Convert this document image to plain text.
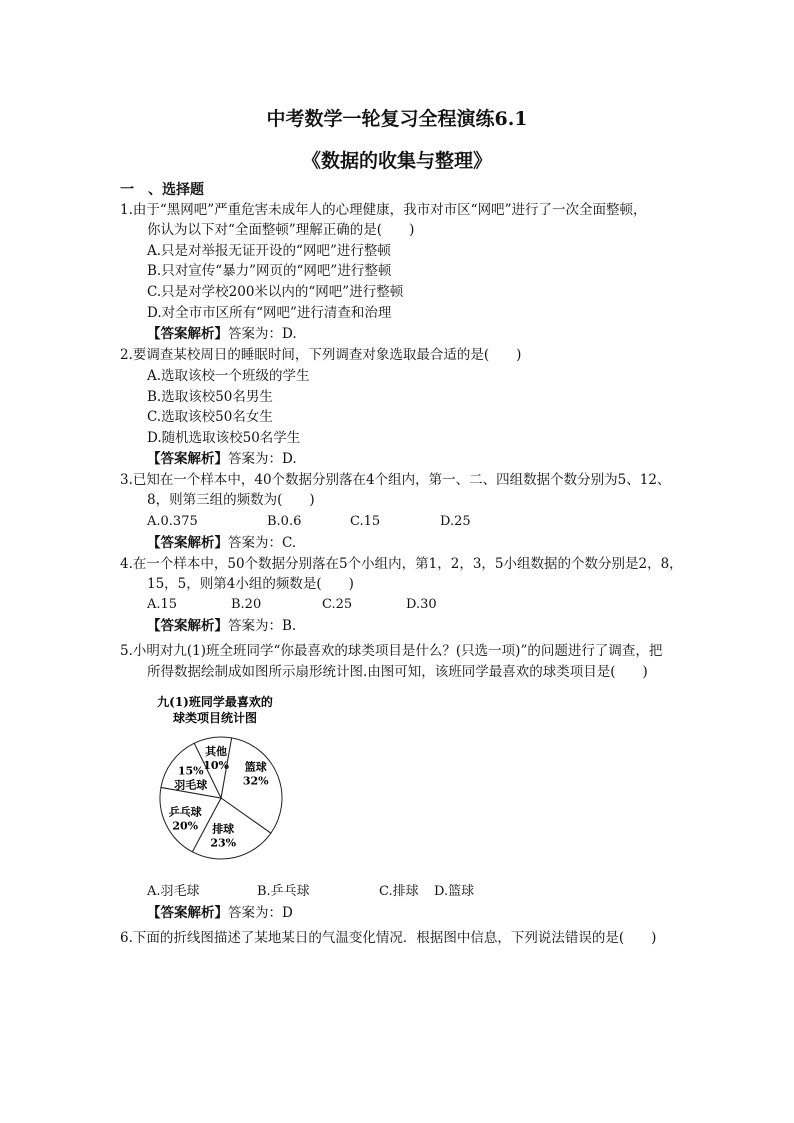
中考数学一轮复习全程演练6.1
《数据的收集与整理》
一　、选择题
1.由于“黑网吧”严重危害未成年人的心理健康，我市对市区“网吧”进行了一次全面整顿，
你认为以下对“全面整顿”理解正确的是(　　)
A.只是对举报无证开设的“网吧”进行整顿
B.只对宣传“暴力”网页的“网吧”进行整顿
C.只是对学校200米以内的“网吧”进行整顿
D.对全市市区所有“网吧”进行清查和治理
【答案解析】答案为：D.
2.要调查某校周日的睡眠时间，下列调查对象选取最合适的是(　　)
A.选取该校一个班级的学生
B.选取该校50名男生
C.选取该校50名女生
D.随机选取该校50名学生
【答案解析】答案为：D.
3.已知在一个样本中，40个数据分别落在4个组内，第一、二、四组数据个数分别为5、12、
8，则第三组的频数为(　　)
A.0.375	B.0.6	C.15	D.25
【答案解析】答案为：C.
4.在一个样本中，50个数据分别落在5个小组内，第1，2，3，5小组数据的个数分别是2，8，
15，5，则第4小组的频数是(　　)
A.15	B.20	C.25	D.30
【答案解析】答案为：B.
5.小明对九(1)班全班同学“你最喜欢的球类项目是什么？(只选一项)”的问题进行了调查，把
所得数据绘制成如图所示扇形统计图.由图可知，该班同学最喜欢的球类项目是(　　)
九(1)班同学最喜欢的
球类项目统计图
篮球
32%
排球
23%
乒乓球
20%
羽毛球
15%
其他
10%
A.羽毛球	B.乒乓球	C.排球 D.篮球
【答案解析】答案为：D
6.下面的折线图描述了某地某日的气温变化情况．根据图中信息，下列说法错误的是(　　)
